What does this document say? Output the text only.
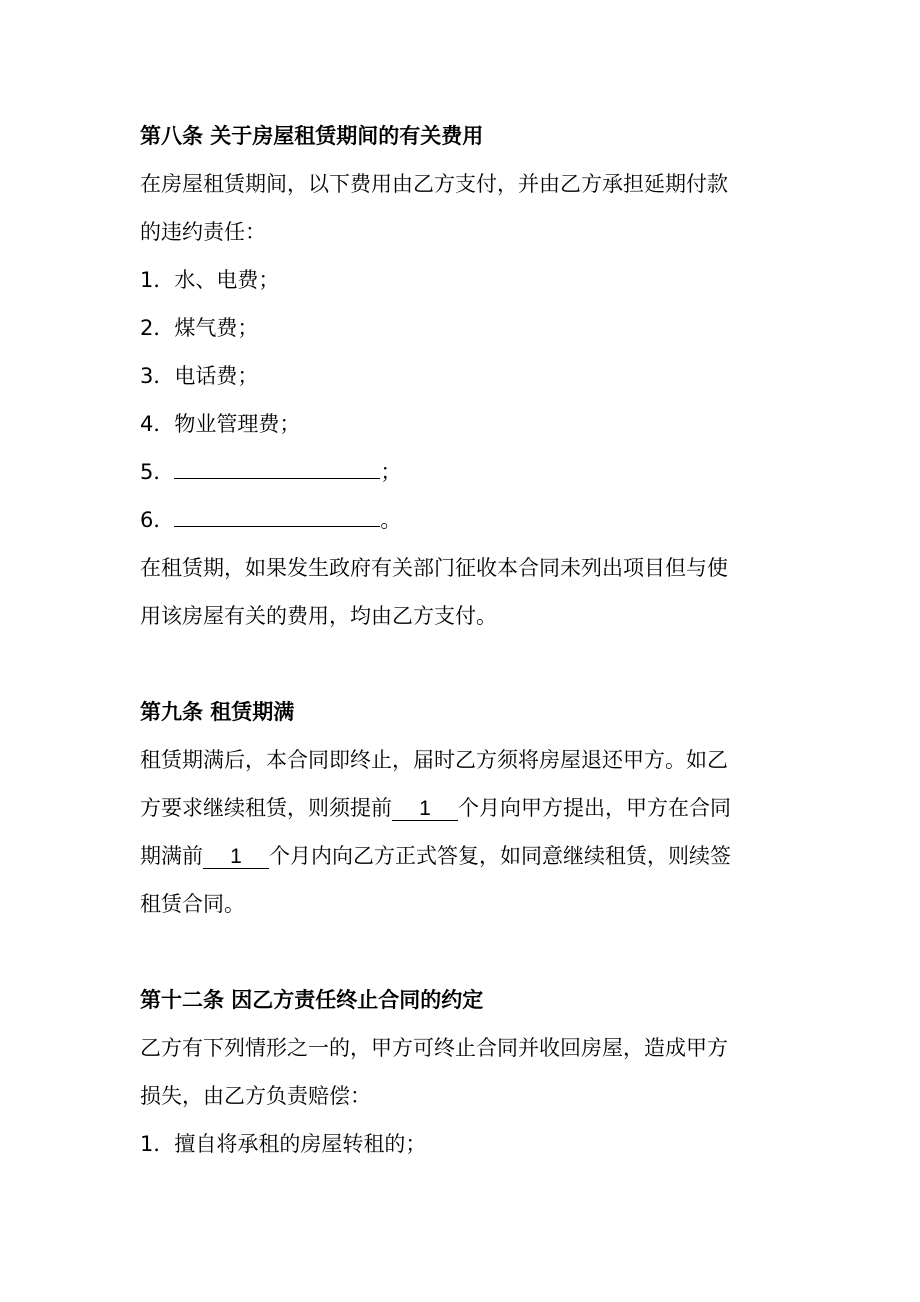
第八条 关于房屋租赁期间的有关费用
在房屋租赁期间，以下费用由乙方支付，并由乙方承担延期付款
的违约责任：
1．水、电费；
2．煤气费；
3．电话费；
4．物业管理费；
5．	；
6．	。
在租赁期，如果发生政府有关部门征收本合同未列出项目但与使
用该房屋有关的费用，均由乙方支付。
第九条 租赁期满
租赁期满后，本合同即终止，届时乙方须将房屋退还甲方。如乙
方要求继续租赁，则须提前 1 个月向甲方提出，甲方在合同
期满前 1 个月内向乙方正式答复，如同意继续租赁，则续签
租赁合同。
第十二条 因乙方责任终止合同的约定
乙方有下列情形之一的，甲方可终止合同并收回房屋，造成甲方
损失，由乙方负责赔偿：
1．擅自将承租的房屋转租的；
